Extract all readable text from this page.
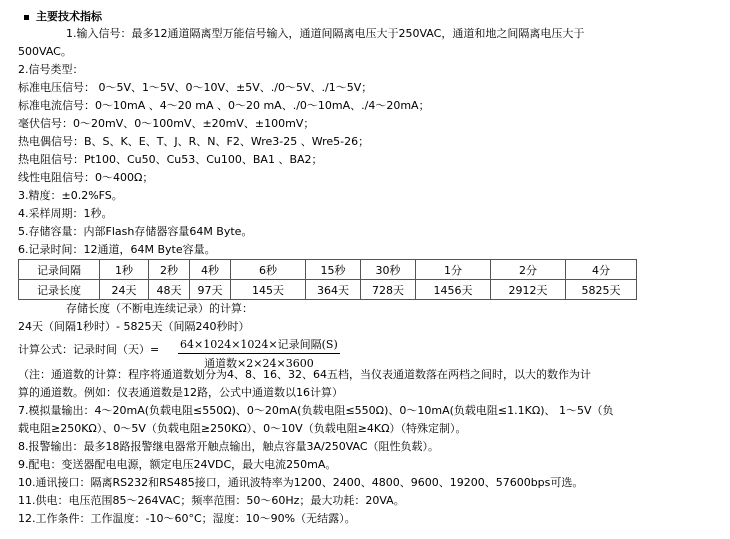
主要技术指标
1.输入信号：最多12通道隔离型万能信号输入，通道间隔离电压大于250VAC，通道和地之间隔离电压大于
500VAC。
2.信号类型：
标准电压信号： 0～5V、1～5V、0～10V、±5V、./0～5V、./1～5V；
标准电流信号：0～10mA 、4～20 mA 、0～20 mA、./0～10mA、./4～20mA；
毫伏信号：0～20mV、0～100mV、±20mV、±100mV；
热电偶信号：B、S、K、E、T、J、R、N、F2、Wre3-25 、Wre5-26；
热电阻信号：Pt100、Cu50、Cu53、Cu100、BA1 、BA2；
线性电阻信号：0～400Ω；
3.精度：±0.2%FS。
4.采样周期：1秒。
5.存储容量：内部Flash存储器容量64M Byte。
6.记录时间：12通道，64M Byte容量。
记录间隔	1秒	2秒	4秒	6秒	15秒	30秒	1分	2分	4分
记录长度	24天	48天	97天	145天	364天	728天	1456天	2912天	5825天
存储长度（不断电连续记录）的计算：
24天（间隔1秒时）- 5825天（间隔240秒时）
计算公式：记录时间（天）= 64×1024×1024×记录间隔(S)
通道数×2×24×3600
（注：通道数的计算：程序将通道数划分为4、8、16、32、64五档，当仪表通道数落在两档之间时，以大的数作为计
算的通道数。例如：仪表通道数是12路，公式中通道数以16计算）
7.模拟量输出：4～20mA(负载电阻≤550Ω)、0～20mA(负载电阻≤550Ω)、0～10mA(负载电阻≤1.1KΩ)、 1～5V（负
载电阻≥250KΩ）、0～5V（负载电阻≥250KΩ）、0～10V（负载电阻≥4KΩ）（特殊定制）。
8.报警输出：最多18路报警继电器常开触点输出，触点容量3A/250VAC（阻性负载）。
9.配电：变送器配电电源，额定电压24VDC，最大电流250mA。
10.通讯接口：隔离RS232和RS485接口，通讯波特率为1200、2400、4800、9600、19200、57600bps可选。
11.供电：电压范围85～264VAC；频率范围：50～60Hz；最大功耗：20VA。
12.工作条件：工作温度：-10～60°C；湿度：10～90%（无结露）。
